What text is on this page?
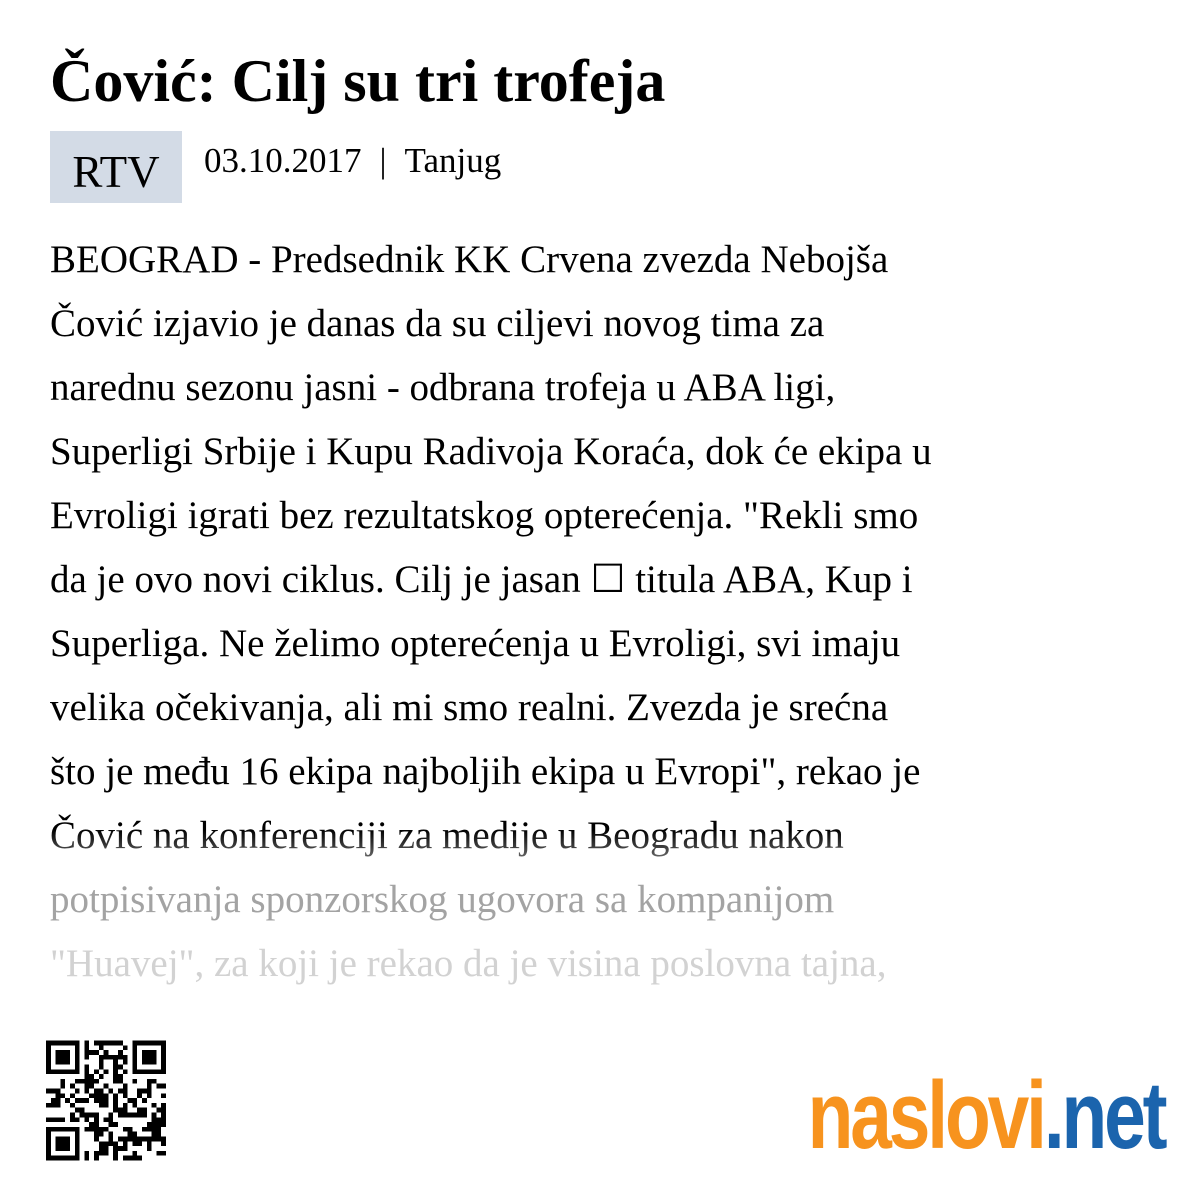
Čović: Cilj su tri trofeja
RTV	03.10.2017 | Tanjug
BEOGRAD - Predsednik KK Crvena zvezda Nebojša
Čović izjavio je danas da su ciljevi novog tima za
narednu sezonu jasni - odbrana trofeja u ABA ligi,
Superligi Srbije i Kupu Radivoja Koraća, dok će ekipa u
Evroligi igrati bez rezultatskog opterećenja. "Rekli smo
da je ovo novi ciklus. Cilj je jasan ☐ titula ABA, Kup i
Superliga. Ne želimo opterećenja u Evroligi, svi imaju
velika očekivanja, ali mi smo realni. Zvezda je srećna
što je među 16 ekipa najboljih ekipa u Evropi", rekao je
Čović na konferenciji za medije u Beogradu nakon
potpisivanja sponzorskog ugovora sa kompanijom
"Huavej", za koji je rekao da je visina poslovna tajna,
naslovi.net
